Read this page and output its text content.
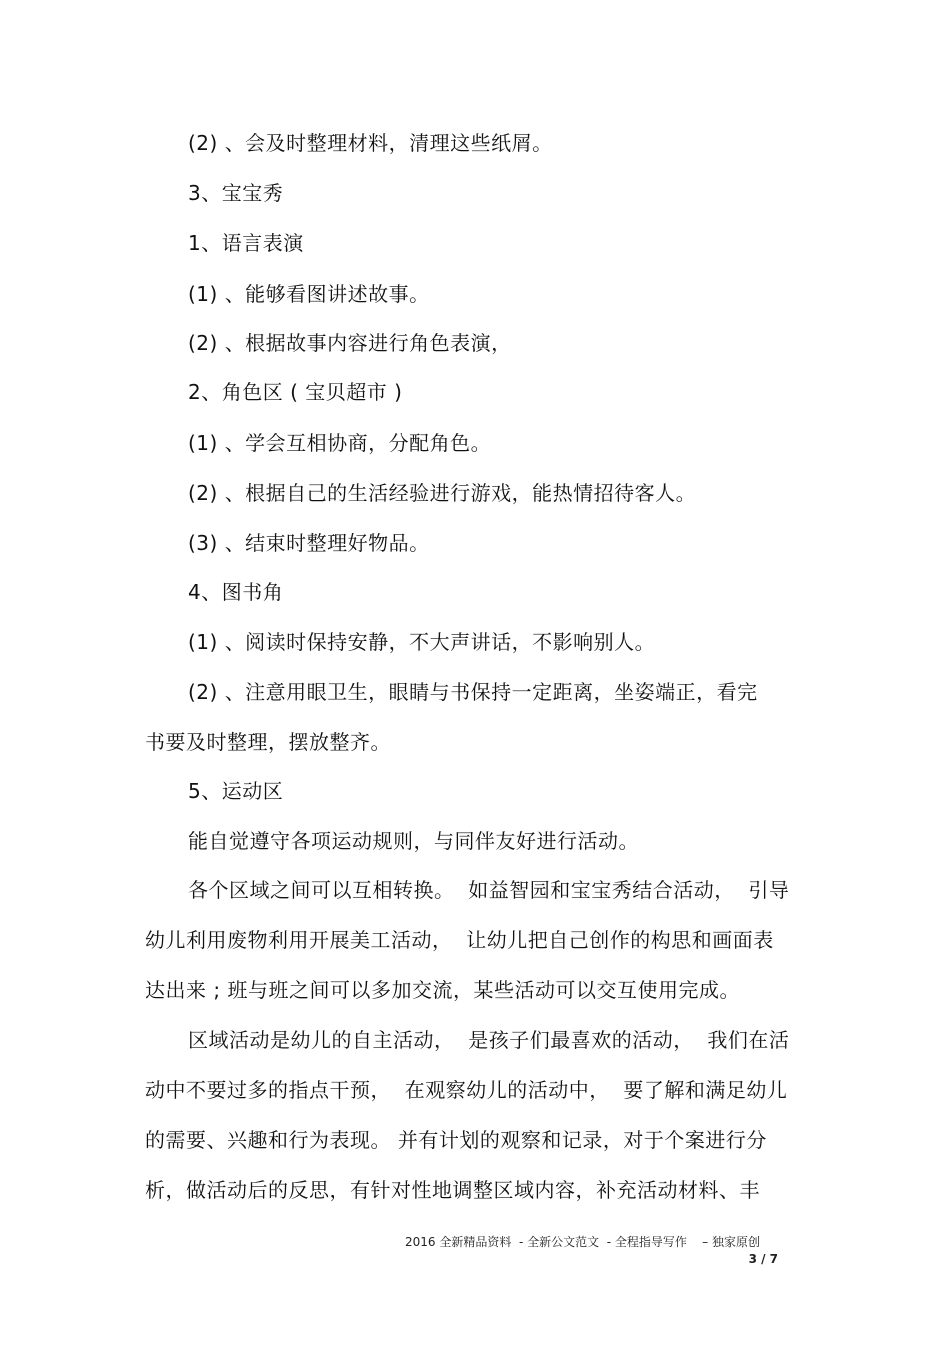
(2) 、会及时整理材料，清理这些纸屑。
3、宝宝秀
1、语言表演
(1) 、能够看图讲述故事。
(2) 、根据故事内容进行角色表演，
2、角色区 ( 宝贝超市 )
(1) 、学会互相协商，分配角色。
(2) 、根据自己的生活经验进行游戏，能热情招待客人。
(3) 、结束时整理好物品。
4、图书角
(1) 、阅读时保持安静，不大声讲话，不影响别人。
(2) 、注意用眼卫生，眼睛与书保持一定距离，坐姿端正，看完
书要及时整理，摆放整齐。
5、运动区
能自觉遵守各项运动规则，与同伴友好进行活动。
各个区域之间可以互相转换。  如益智园和宝宝秀结合活动，  引导
幼儿利用废物利用开展美工活动，  让幼儿把自己创作的构思和画面表
达出来 ; 班与班之间可以多加交流，某些活动可以交互使用完成。
区域活动是幼儿的自主活动，  是孩子们最喜欢的活动，  我们在活
动中不要过多的指点干预，  在观察幼儿的活动中，  要了解和满足幼儿
的需要、兴趣和行为表现。 并有计划的观察和记录，对于个案进行分
析，做活动后的反思，有针对性地调整区域内容，补充活动材料、丰
2016 全新精品资料  - 全新公文范文  - 全程指导写作    – 独家原创
3 / 7
